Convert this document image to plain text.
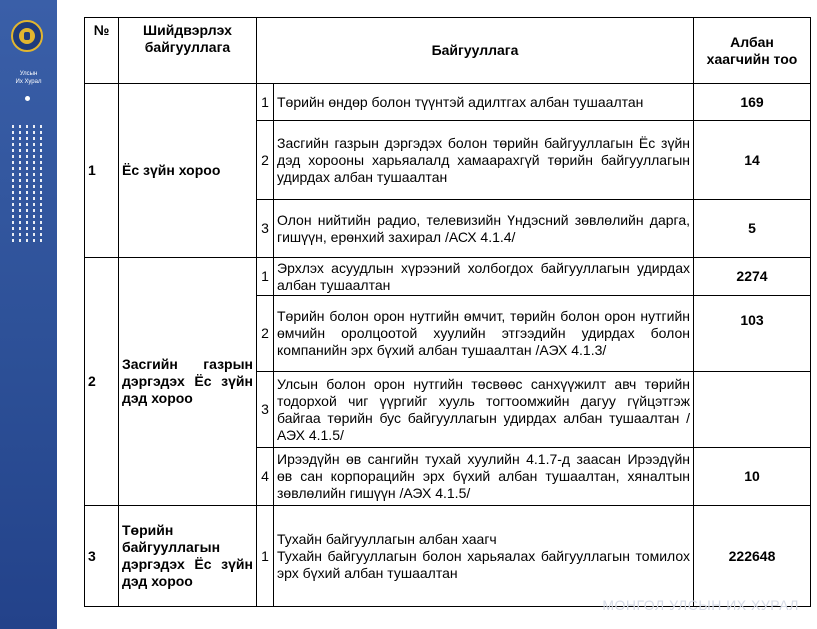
Улсын
Их Хурал
№	Шийдвэрлэх байгууллага	Байгууллага		Албан хаагчийн тоо
1	Ёс зүйн хороо	1	Төрийн өндөр болон түүнтэй адилтгах албан тушаалтан	169
		2	Засгийн газрын дэргэдэх болон төрийн байгууллагын Ёс зүйн дэд хорооны харьяалалд хамаарахгүй төрийн байгууллагын удирдах албан тушаалтан	14
		3	Олон нийтийн радио, телевизийн Үндэсний зөвлөлийн дарга, гишүүн, ерөнхий захирал /АСХ 4.1.4/	5
2	Засгийн газрын дэргэдэх Ёс зүйн дэд хороо	1	Эрхлэх асуудлын хүрээний холбогдох байгууллагын удирдах албан тушаалтан	2274
		2	Төрийн болон орон нутгийн өмчит, төрийн болон орон нутгийн өмчийн оролцоотой хуулийн этгээдийн удирдах болон компанийн эрх бүхий албан тушаалтан /АЭХ 4.1.3/	103
		3	Улсын болон орон нутгийн төсвөөс санхүүжилт авч төрийн тодорхой чиг үүргийг хууль тогтоомжийн дагуу гүйцэтгэж байгаа төрийн бус байгууллагын удирдах албан тушаалтан /АЭХ 4.1.5/	
		4	Ирээдүйн өв сангийн тухай хуулийн 4.1.7-д заасан Ирээдүйн өв сан корпорацийн эрх бүхий албан тушаалтан, хяналтын зөвлөлийн гишүүн /АЭХ 4.1.5/	10
3	Төрийн байгууллагын дэргэдэх Ёс зүйн дэд хороо	1	Тухайн байгууллагын албан хаагч
Тухайн байгууллагын болон харьяалах байгууллагын томилох эрх бүхий албан тушаалтан	222648
МОНГОЛ УЛСЫН ИХ ХУРАЛ
